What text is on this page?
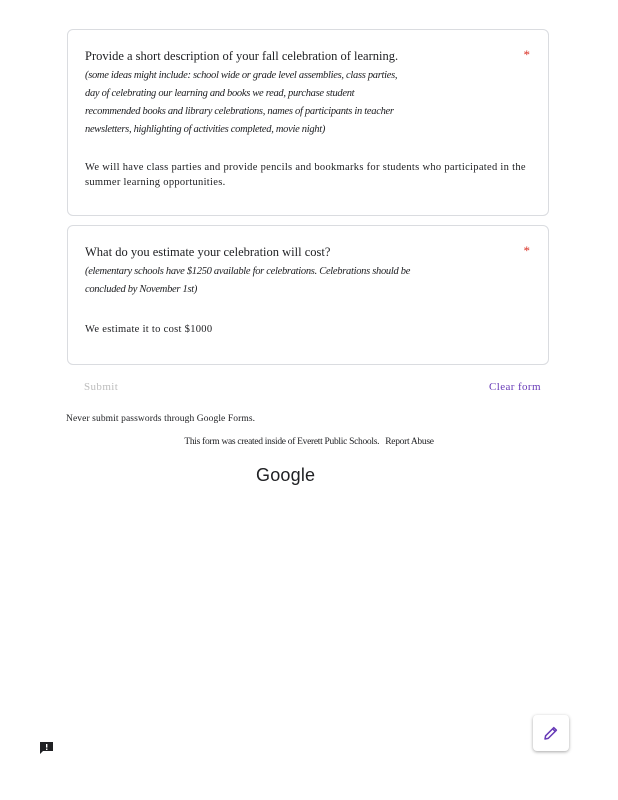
Provide a short description of your fall celebration of learning.	*
(some ideas might include: school wide or grade level assemblies, class parties,
day of celebrating our learning and books we read, purchase student
recommended books and library celebrations, names of participants in teacher
newsletters, highlighting of activities completed, movie night)
We will have class parties and provide pencils and bookmarks for students who participated in the summer learning opportunities.
What do you estimate your celebration will cost?	*
(elementary schools have $1250 available for celebrations. Celebrations should be
concluded by November 1st)
We estimate it to cost $1000
Submit	Clear form
Never submit passwords through Google Forms.
This form was created inside of Everett Public Schools. Report Abuse
Google
